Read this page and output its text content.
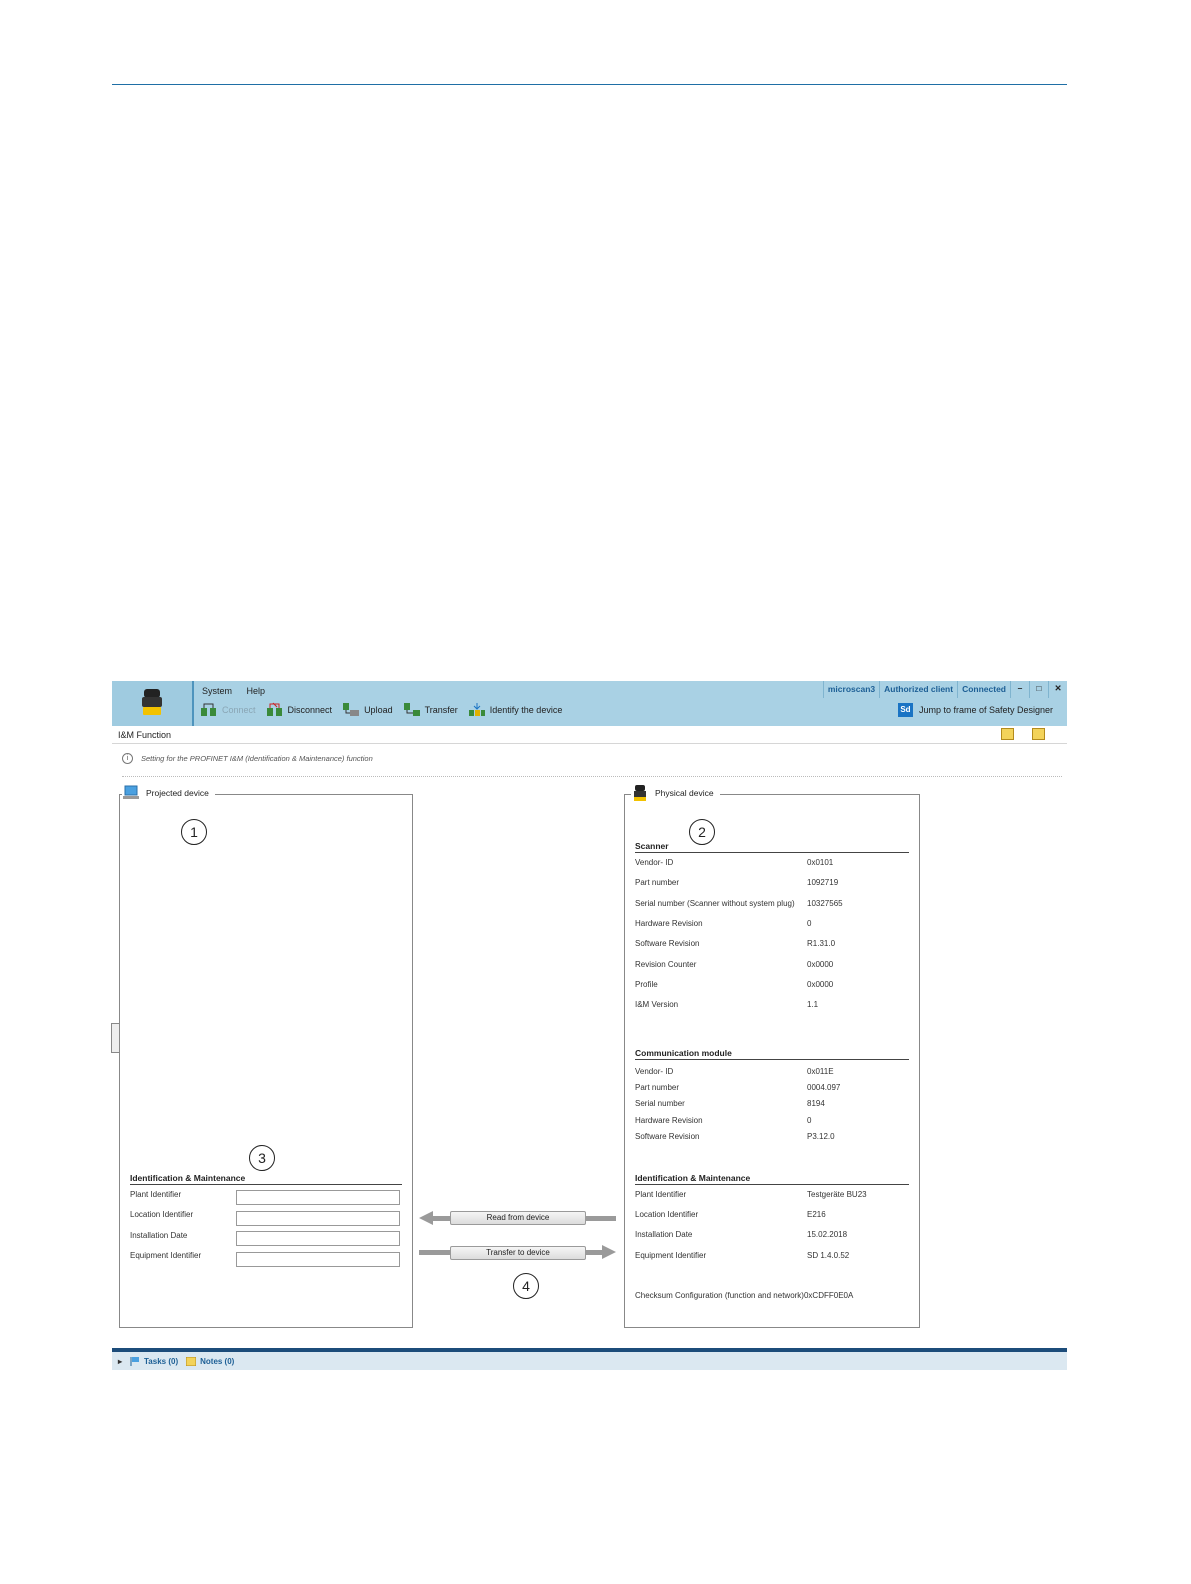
System Help	microscan3	Authorized client	Connected	–	□	✕
Connect	Disconnect	Upload	Transfer	Identify the device	Sd Jump to frame of Safety Designer
I&M Function
i	Setting for the PROFINET I&M (Identification & Maintenance) function
Projected device
1
3
Identification & Maintenance
Plant Identifier
Location Identifier
Installation Date
Equipment Identifier
Read from device
Transfer to device
4
Physical device
2
Scanner
Communication module
Identification & Maintenance
Checksum Configuration (function and network)0xCDFF0E0A
Vendor- ID	0x0101
Part number	1092719
Serial number (Scanner without system plug) 10327565
Hardware Revision	0
Software Revision	R1.31.0
Revision Counter	0x0000
Profile	0x0000
I&M Version	1.1
Vendor- ID	0x011E
Part number	0004.097
Serial number	8194
Hardware Revision	0
Software Revision	P3.12.0
Plant Identifier	Testgeräte BU23
Location Identifier	E216
Installation Date	15.02.2018
Equipment Identifier	SD 1.4.0.52
▸	Tasks (0)	Notes (0)
